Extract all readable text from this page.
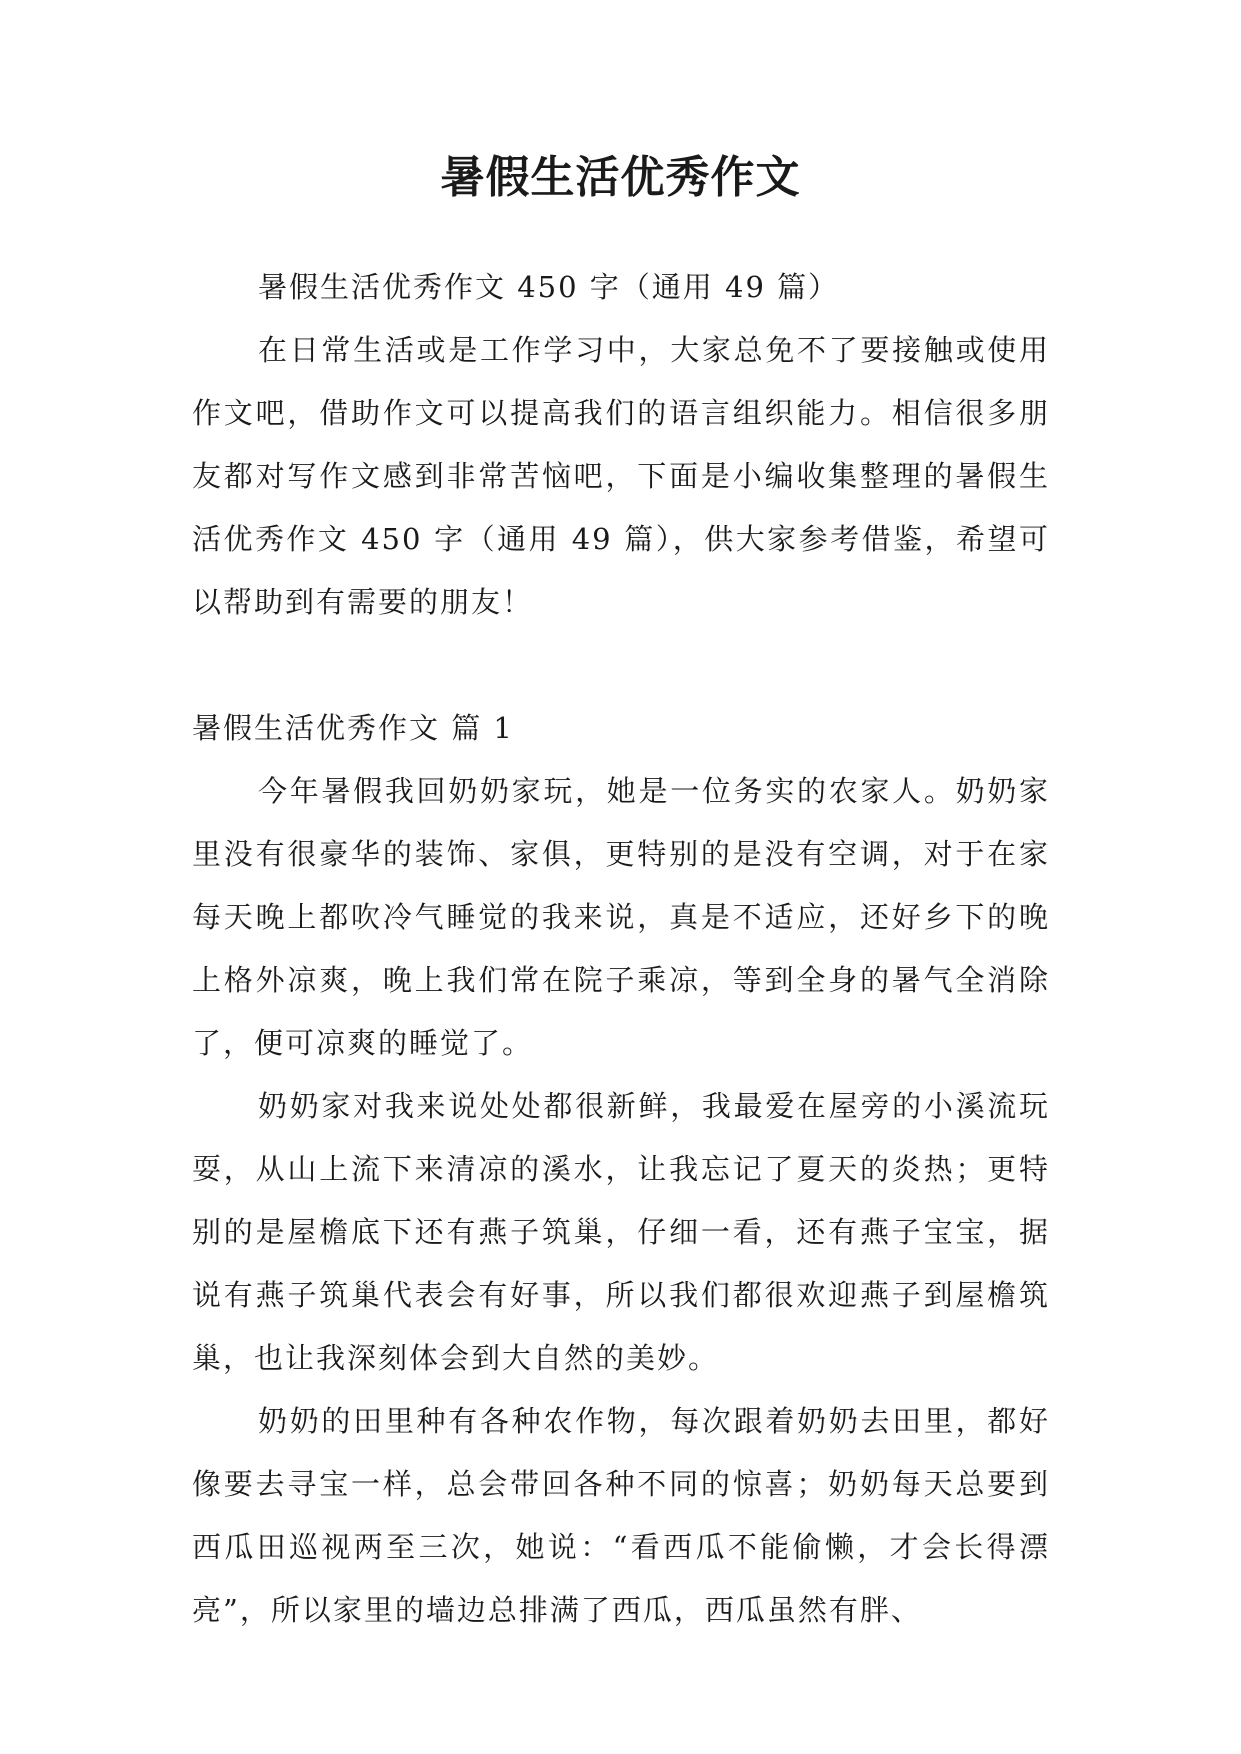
暑假生活优秀作文

暑假生活优秀作文 450 字（通用 49 篇）

在日常生活或是工作学习中，大家总免不了要接触或使用作文吧，借助作文可以提高我们的语言组织能力。相信很多朋友都对写作文感到非常苦恼吧，下面是小编收集整理的暑假生活优秀作文 450 字（通用 49 篇），供大家参考借鉴，希望可以帮助到有需要的朋友！

暑假生活优秀作文 篇 1

今年暑假我回奶奶家玩，她是一位务实的农家人。奶奶家里没有很豪华的装饰、家俱，更特别的是没有空调，对于在家每天晚上都吹冷气睡觉的我来说，真是不适应，还好乡下的晚上格外凉爽，晚上我们常在院子乘凉，等到全身的暑气全消除了，便可凉爽的睡觉了。

奶奶家对我来说处处都很新鲜，我最爱在屋旁的小溪流玩耍，从山上流下来清凉的溪水，让我忘记了夏天的炎热；更特别的是屋檐底下还有燕子筑巢，仔细一看，还有燕子宝宝，据说有燕子筑巢代表会有好事，所以我们都很欢迎燕子到屋檐筑巢，也让我深刻体会到大自然的美妙。

奶奶的田里种有各种农作物，每次跟着奶奶去田里，都好像要去寻宝一样，总会带回各种不同的惊喜；奶奶每天总要到西瓜田巡视两至三次，她说：“看西瓜不能偷懒，才会长得漂亮”，所以家里的墙边总排满了西瓜，西瓜虽然有胖、
